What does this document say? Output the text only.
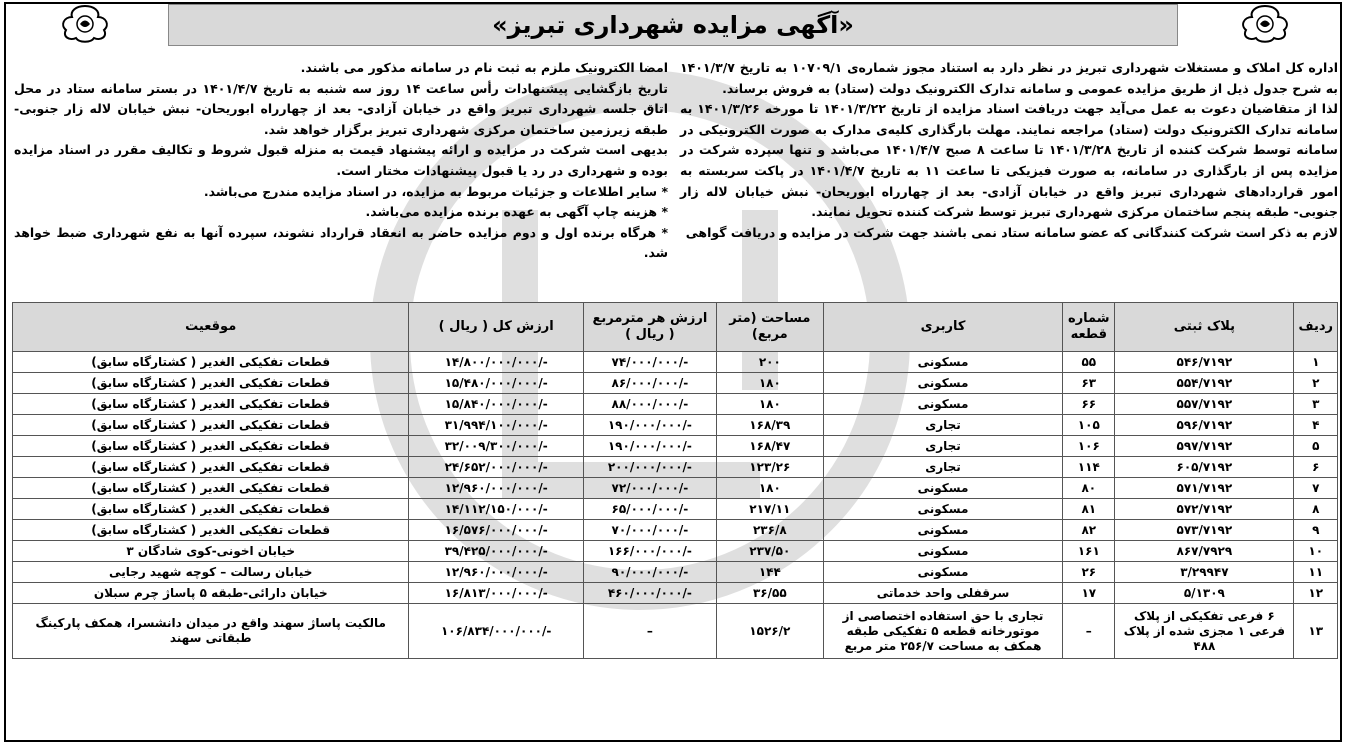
«آگهی مزایده شهرداری تبریز»

اداره کل املاک و مستغلات شهرداری تبریز در نظر دارد به استناد مجوز شماره‌ی ۱۰۷۰۹/۱ به تاریخ ۱۴۰۱/۳/۷ به شرح جدول ذیل از طریق مزایده عمومی و سامانه تدارک الکترونیک دولت (ستاد) به فروش برساند.

لذا از متقاضیان دعوت به عمل می‌آید جهت دریافت اسناد مزایده از تاریخ ۱۴۰۱/۳/۲۲ تا مورخه ۱۴۰۱/۳/۲۶ به سامانه تدارک الکترونیک دولت (ستاد) مراجعه نمایند. مهلت بارگذاری کلیه‌ی مدارک به صورت الکترونیکی در سامانه توسط شرکت کننده از تاریخ ۱۴۰۱/۳/۲۸ تا ساعت ۸ صبح ۱۴۰۱/۴/۷ می‌باشد و تنها سپرده شرکت در مزایده پس از بارگذاری در سامانه، به صورت فیزیکی تا ساعت ۱۱ به تاریخ ۱۴۰۱/۴/۷ در پاکت سربسته به امور قراردادهای شهرداری تبریز واقع در خیابان آزادی- بعد از چهارراه ابوریحان- نبش خیابان لاله زار جنوبی- طبقه پنجم ساختمان مرکزی شهرداری تبریز توسط شرکت کننده تحویل نمایند.

لازم به ذکر است شرکت کنندگانی که عضو سامانه ستاد نمی باشند جهت شرکت در مزایده و دریافت گواهی

امضا الکترونیک ملزم به ثبت نام در سامانه مذکور می باشند.

تاریخ بازگشایی پیشنهادات رأس ساعت ۱۴ روز سه شنبه به تاریخ ۱۴۰۱/۴/۷ در بستر سامانه ستاد در محل اتاق جلسه شهرداری تبریز واقع در خیابان آزادی- بعد از چهارراه ابوریحان- نبش خیابان لاله زار جنوبی- طبقه زیرزمین ساختمان مرکزی شهرداری تبریز برگزار خواهد شد.

بدیهی است شرکت در مزایده و ارائه پیشنهاد قیمت به منزله قبول شروط و تکالیف مقرر در اسناد مزایده بوده و شهرداری در رد یا قبول پیشنهادات مختار است.

* سایر اطلاعات و جزئیات مربوط به مزایده، در اسناد مزایده مندرج می‌باشد.

* هزینه چاپ آگهی به عهده برنده مزایده می‌باشد.

* هرگاه برنده اول و دوم مزایده حاضر به انعقاد قرارداد نشوند، سپرده آنها به نفع شهرداری ضبط خواهد شد.

ردیف	پلاک ثبتی	شماره قطعه	کاربری	مساحت (متر مربع)	ارزش هر مترمربع ( ریال )	ارزش کل ( ریال )	موقعیت
۱	۵۴۶/۷۱۹۲	۵۵	مسکونی	۲۰۰	-/۷۴/۰۰۰/۰۰۰	-/۱۴/۸۰۰/۰۰۰/۰۰۰	قطعات تفکیکی الغدیر ( کشتارگاه سابق)
۲	۵۵۴/۷۱۹۲	۶۳	مسکونی	۱۸۰	-/۸۶/۰۰۰/۰۰۰	-/۱۵/۴۸۰/۰۰۰/۰۰۰	قطعات تفکیکی الغدیر ( کشتارگاه سابق)
۳	۵۵۷/۷۱۹۲	۶۶	مسکونی	۱۸۰	-/۸۸/۰۰۰/۰۰۰	-/۱۵/۸۴۰/۰۰۰/۰۰۰	قطعات تفکیکی الغدیر ( کشتارگاه سابق)
۴	۵۹۶/۷۱۹۲	۱۰۵	تجاری	۱۶۸/۳۹	-/۱۹۰/۰۰۰/۰۰۰	-/۳۱/۹۹۴/۱۰۰/۰۰۰	قطعات تفکیکی الغدیر ( کشتارگاه سابق)
۵	۵۹۷/۷۱۹۲	۱۰۶	تجاری	۱۶۸/۴۷	-/۱۹۰/۰۰۰/۰۰۰	-/۳۲/۰۰۹/۳۰۰/۰۰۰	قطعات تفکیکی الغدیر ( کشتارگاه سابق)
۶	۶۰۵/۷۱۹۲	۱۱۴	تجاری	۱۲۳/۲۶	-/۲۰۰/۰۰۰/۰۰۰	-/۲۴/۶۵۲/۰۰۰/۰۰۰	قطعات تفکیکی الغدیر ( کشتارگاه سابق)
۷	۵۷۱/۷۱۹۲	۸۰	مسکونی	۱۸۰	-/۷۲/۰۰۰/۰۰۰	-/۱۲/۹۶۰/۰۰۰/۰۰۰	قطعات تفکیکی الغدیر ( کشتارگاه سابق)
۸	۵۷۲/۷۱۹۲	۸۱	مسکونی	۲۱۷/۱۱	-/۶۵/۰۰۰/۰۰۰	-/۱۴/۱۱۲/۱۵۰/۰۰۰	قطعات تفکیکی الغدیر ( کشتارگاه سابق)
۹	۵۷۳/۷۱۹۲	۸۲	مسکونی	۲۳۶/۸	-/۷۰/۰۰۰/۰۰۰	-/۱۶/۵۷۶/۰۰۰/۰۰۰	قطعات تفکیکی الغدیر ( کشتارگاه سابق)
۱۰	۸۶۷/۷۹۲۹	۱۶۱	مسکونی	۲۳۷/۵۰	-/۱۶۶/۰۰۰/۰۰۰	-/۳۹/۴۲۵/۰۰۰/۰۰۰	خیابان اخونی-کوی شادگان ۳
۱۱	۳/۲۹۹۴۷	۲۶	مسکونی	۱۴۴	-/۹۰/۰۰۰/۰۰۰	-/۱۲/۹۶۰/۰۰۰/۰۰۰	خیابان رسالت – کوچه شهید رجایی
۱۲	۵/۱۳۰۹	۱۷	سرقفلی واحد خدماتی	۳۶/۵۵	-/۴۶۰/۰۰۰/۰۰۰	-/۱۶/۸۱۳/۰۰۰/۰۰۰	خیابان دارائی-طبقه ۵ پاساژ چرم سبلان
۱۳	۶ فرعی تفکیکی از پلاک فرعی ۱ مجزی شده از پلاک ۴۸۸	–	تجاری با حق استفاده اختصاصی از موتورخانه قطعه ۵ تفکیکی طبقه همکف به مساحت ۲۵۶/۷ متر مربع	۱۵۲۶/۲	–	-/۱۰۶/۸۳۴/۰۰۰/۰۰۰	مالکیت پاساژ سهند واقع در میدان دانشسرا، همکف پارکینگ طبقاتی سهند
